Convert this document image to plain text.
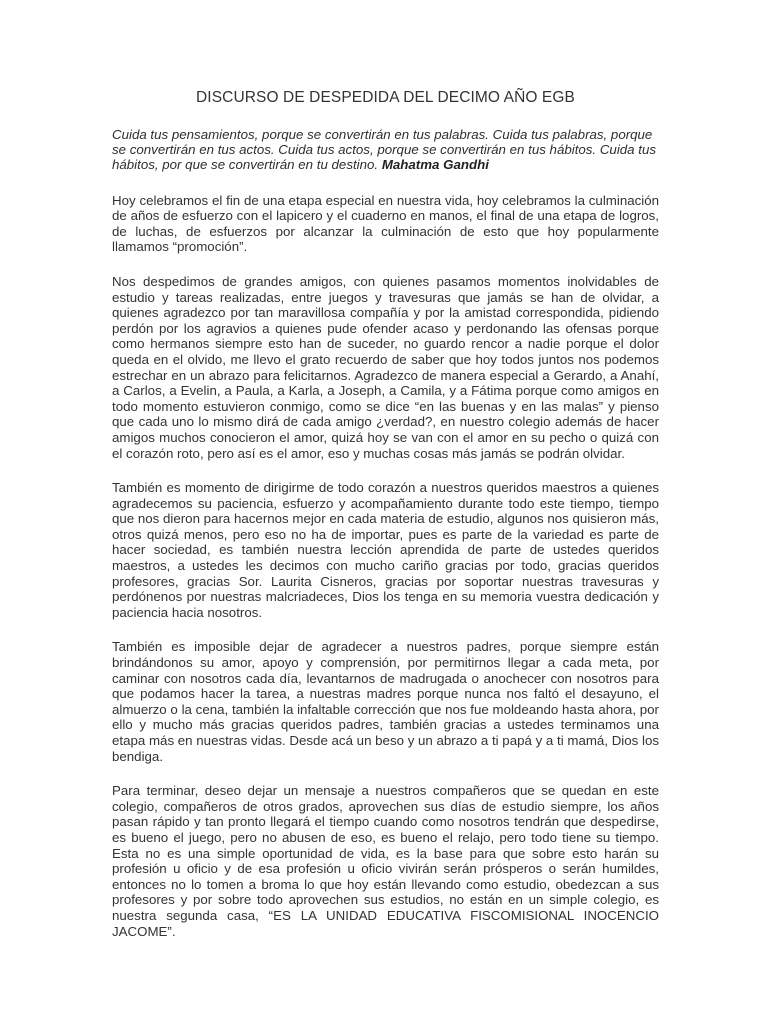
DISCURSO DE DESPEDIDA DEL DECIMO AÑO EGB

Cuida tus pensamientos, porque se convertirán en tus palabras. Cuida tus palabras, porque se convertirán en tus actos. Cuida tus actos, porque se convertirán en tus hábitos. Cuida tus hábitos, por que se convertirán en tu destino. Mahatma Gandhi

Hoy celebramos el fin de una etapa especial en nuestra vida, hoy celebramos la culminación de años de esfuerzo con el lapicero y el cuaderno en manos, el final de una etapa de logros, de luchas, de esfuerzos por alcanzar la culminación de esto que hoy popularmente llamamos “promoción”.

Nos despedimos de grandes amigos, con quienes pasamos momentos inolvidables de estudio y tareas realizadas, entre juegos y travesuras que jamás se han de olvidar, a quienes agradezco por tan maravillosa compañía y por la amistad correspondida, pidiendo perdón por los agravios a quienes pude ofender acaso y perdonando las ofensas porque como hermanos siempre esto han de suceder, no guardo rencor a nadie porque el dolor queda en el olvido, me llevo el grato recuerdo de saber que hoy todos juntos nos podemos estrechar en un abrazo para felicitarnos. Agradezco de manera especial a Gerardo, a Anahí, a Carlos, a Evelin, a Paula, a Karla, a Joseph, a Camila, y a Fátima porque como amigos en todo momento estuvieron conmigo, como se dice “en las buenas y en las malas” y pienso que cada uno lo mismo dirá de cada amigo ¿verdad?, en nuestro colegio además de hacer amigos muchos conocieron el amor, quizá hoy se van con el amor en su pecho o quizá con el corazón roto, pero así es el amor, eso y muchas cosas más jamás se podrán olvidar.

También es momento de dirigirme de todo corazón a nuestros queridos maestros a quienes agradecemos su paciencia, esfuerzo y acompañamiento durante todo este tiempo, tiempo que nos dieron para hacernos mejor en cada materia de estudio, algunos nos quisieron más, otros quizá menos, pero eso no ha de importar, pues es parte de la variedad es parte de hacer sociedad, es también nuestra lección aprendida de parte de ustedes queridos maestros, a ustedes les decimos con mucho cariño gracias por todo, gracias queridos profesores, gracias Sor. Laurita Cisneros, gracias por soportar nuestras travesuras y perdónenos por nuestras malcriadeces, Dios los tenga en su memoria vuestra dedicación y paciencia hacia nosotros.

También es imposible dejar de agradecer a nuestros padres, porque siempre están brindándonos su amor, apoyo y comprensión, por permitirnos llegar a cada meta, por caminar con nosotros cada día, levantarnos de madrugada o anochecer con nosotros para que podamos hacer la tarea, a nuestras madres porque nunca nos faltó el desayuno, el almuerzo o la cena, también la infaltable corrección que nos fue moldeando hasta ahora, por ello y mucho más gracias queridos padres, también gracias a ustedes terminamos una etapa más en nuestras vidas. Desde acá un beso y un abrazo a ti papá y a ti mamá, Dios los bendiga.

Para terminar, deseo dejar un mensaje a nuestros compañeros que se quedan en este colegio, compañeros de otros grados, aprovechen sus días de estudio siempre, los años pasan rápido y tan pronto llegará el tiempo cuando como nosotros tendrán que despedirse, es bueno el juego, pero no abusen de eso, es bueno el relajo, pero todo tiene su tiempo. Esta no es una simple oportunidad de vida, es la base para que sobre esto harán su profesión u oficio y de esa profesión u oficio vivirán serán prósperos o serán humildes, entonces no lo tomen a broma lo que hoy están llevando como estudio, obedezcan a sus profesores y por sobre todo aprovechen sus estudios, no están en un simple colegio, es nuestra segunda casa, “ES LA UNIDAD EDUCATIVA FISCOMISIONAL INOCENCIO JACOME”.
